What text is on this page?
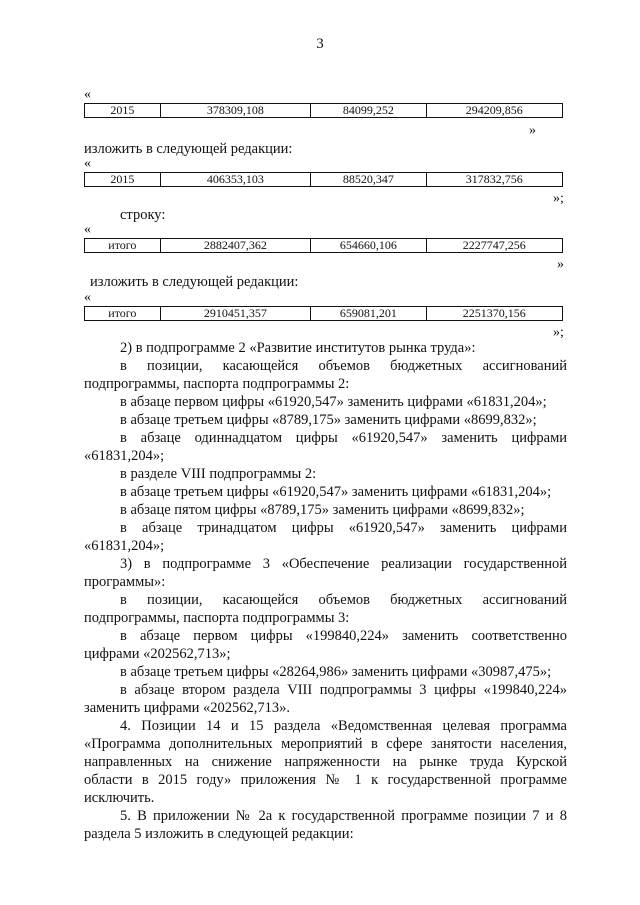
3
«
2015	378309,108	84099,252	294209,856
»
изложить в следующей редакции:
«
2015	406353,103	88520,347	317832,756
»;
строку:
«
итого	2882407,362	654660,106	2227747,256
»
изложить в следующей редакции:
«
итого	2910451,357	659081,201	2251370,156
»;
2) в подпрограмме 2 «Развитие институтов рынка труда»:
в позиции, касающейся объемов бюджетных ассигнований
подпрограммы, паспорта подпрограммы 2:
в абзаце первом цифры «61920,547» заменить цифрами «61831,204»;
в абзаце третьем цифры «8789,175» заменить цифрами «8699,832»;
в абзаце одиннадцатом цифры «61920,547» заменить цифрами
«61831,204»;
в разделе VIII подпрограммы 2:
в абзаце третьем цифры «61920,547» заменить цифрами «61831,204»;
в абзаце пятом цифры «8789,175» заменить цифрами «8699,832»;
в абзаце тринадцатом цифры «61920,547» заменить цифрами
«61831,204»;
3) в подпрограмме 3 «Обеспечение реализации государственной
программы»:
в позиции, касающейся объемов бюджетных ассигнований
подпрограммы, паспорта подпрограммы 3:
в абзаце первом цифры «199840,224» заменить соответственно
цифрами «202562,713»;
в абзаце третьем цифры «28264,986» заменить цифрами «30987,475»;
в абзаце втором раздела VIII подпрограммы 3 цифры «199840,224»
заменить цифрами «202562,713».
4. Позиции 14 и 15 раздела «Ведомственная целевая программа
«Программа дополнительных мероприятий в сфере занятости населения,
направленных на снижение напряженности на рынке труда Курской
области в 2015 году» приложения № 1 к государственной программе
исключить.
5. В приложении № 2а к государственной программе позиции 7 и 8
раздела 5 изложить в следующей редакции:
